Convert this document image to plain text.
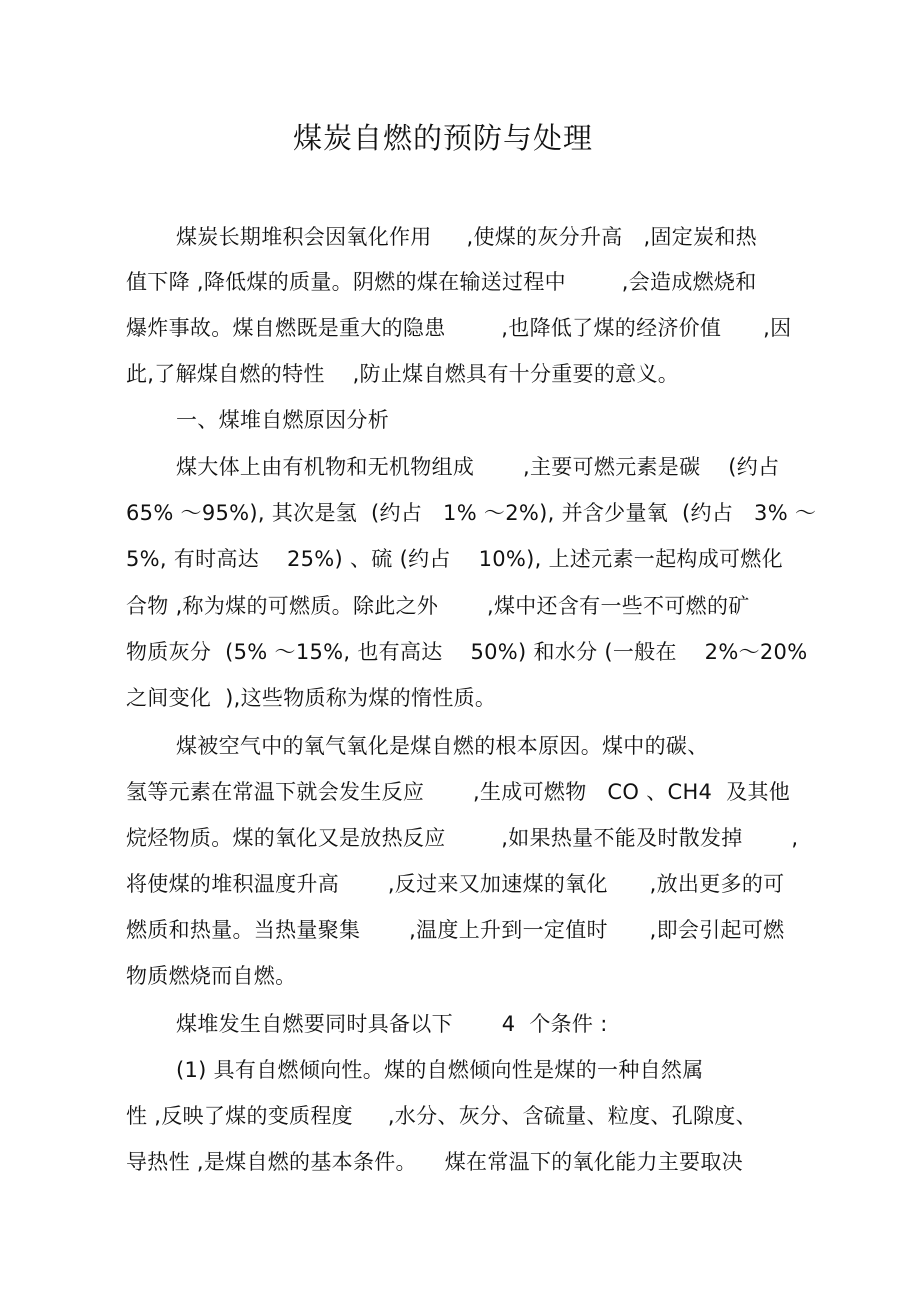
煤炭自燃的预防与处理
煤炭长期堆积会因氧化作用     ,使煤的灰分升高   ,固定炭和热
值下降 ,降低煤的质量。阴燃的煤在输送过程中        ,会造成燃烧和
爆炸事故。煤自燃既是重大的隐患        ,也降低了煤的经济价值      ,因
此,了解煤自燃的特性    ,防止煤自燃具有十分重要的意义。
一、煤堆自燃原因分析
煤大体上由有机物和无机物组成       ,主要可燃元素是碳    (约占
65% ～95%), 其次是氢  (约占   1% ～2%), 并含少量氧  (约占   3% ～
5%, 有时高达    25%) 、硫 (约占    10%), 上述元素一起构成可燃化
合物 ,称为煤的可燃质。除此之外       ,煤中还含有一些不可燃的矿
物质灰分  (5% ～15%, 也有高达    50%) 和水分 (一般在    2%～20%
之间变化  ),这些物质称为煤的惰性质。
煤被空气中的氧气氧化是煤自燃的根本原因。煤中的碳、
氢等元素在常温下就会发生反应       ,生成可燃物   CO 、CH4  及其他
烷烃物质。煤的氧化又是放热反应        ,如果热量不能及时散发掉       ,
将使煤的堆积温度升高       ,反过来又加速煤的氧化      ,放出更多的可
燃质和热量。当热量聚集       ,温度上升到一定值时      ,即会引起可燃
物质燃烧而自燃。
煤堆发生自燃要同时具备以下       4  个条件 :
(1) 具有自燃倾向性。煤的自燃倾向性是煤的一种自然属
性 ,反映了煤的变质程度     ,水分、灰分、含硫量、粒度、孔隙度、
导热性 ,是煤自燃的基本条件。    煤在常温下的氧化能力主要取决
